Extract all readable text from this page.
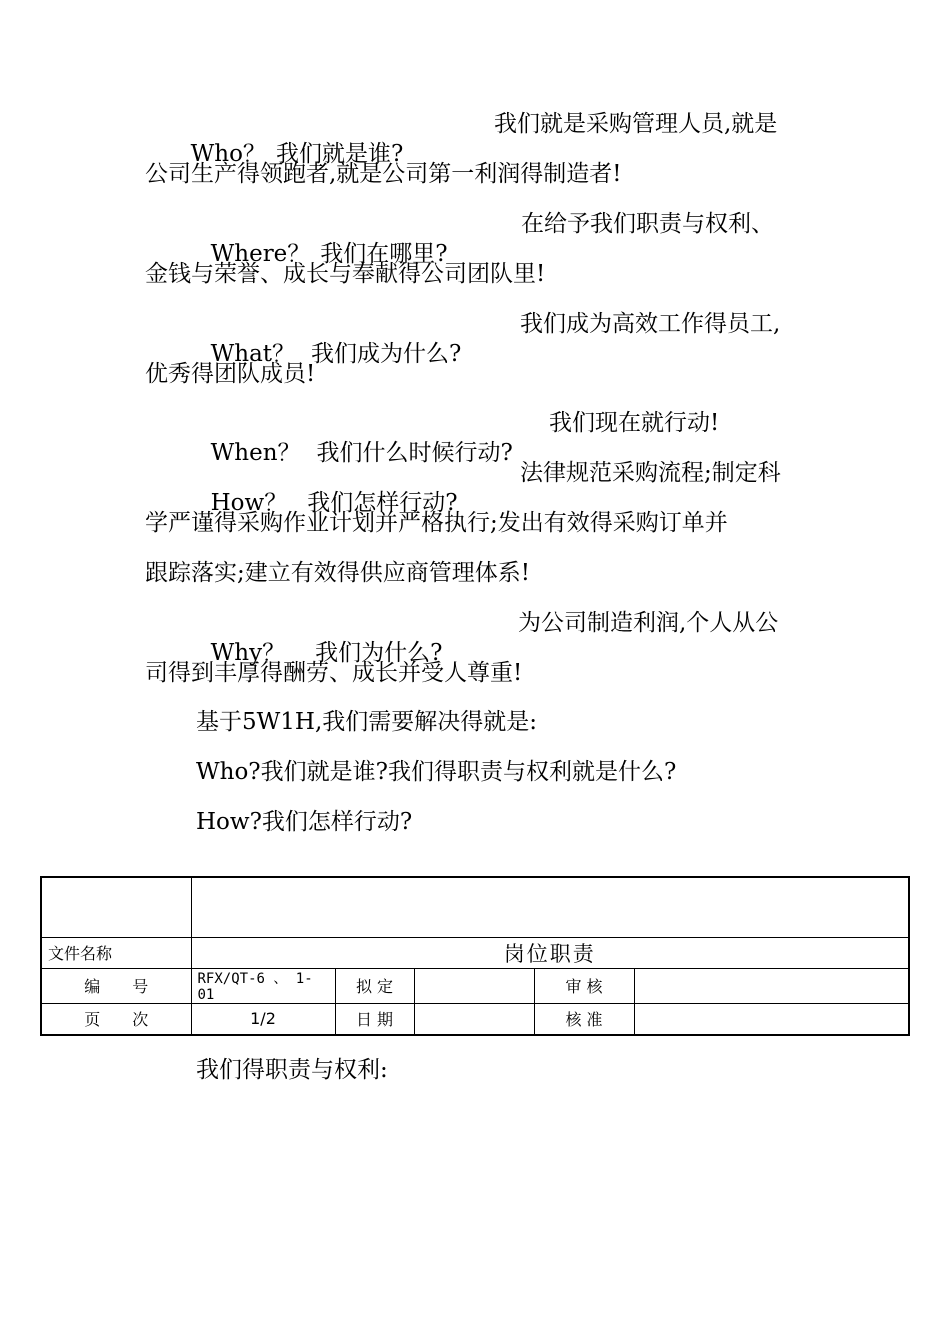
Who？ 我们就是谁?

我们就是采购管理人员,就是
公司生产得领跑者,就是公司第一利润得制造者!

Where？ 我们在哪里?

在给予我们职责与权利、
金钱与荣誉、成长与奉献得公司团队里!

What？ 我们成为什么?

我们成为高效工作得员工,
优秀得团队成员!

When？ 我们什么时候行动?

我们现在就行动!

How？ 我们怎样行动?

法律规范采购流程;制定科
学严谨得采购作业计划并严格执行;发出有效得采购订单并
跟踪落实;建立有效得供应商管理体系!

Why？ 我们为什么?

为公司制造利润,个人从公
司得到丰厚得酬劳、成长并受人尊重!
基于5W1H,我们需要解决得就是:
Who?我们就是谁?我们得职责与权利就是什么?
How?我们怎样行动?

文件名称	岗位职责				
编　　号	RFX/QT-6 、 1-01	拟 定		审 核	
页　　次	1/2	日 期		核 准	
我们得职责与权利:
